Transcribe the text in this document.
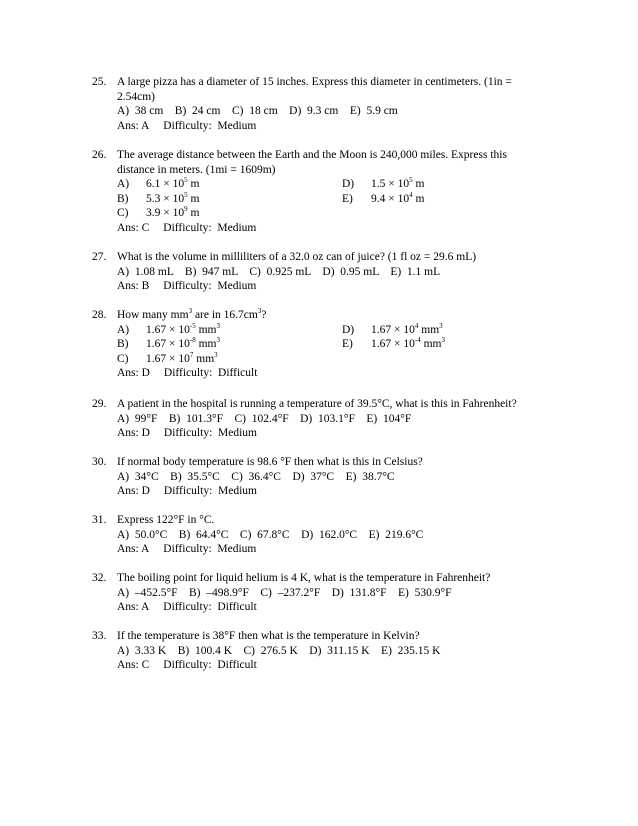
25. A large pizza has a diameter of 15 inches. Express this diameter in centimeters. (1in =
2.54cm)
A)  38 cm    B)  24 cm    C)  18 cm    D)  9.3 cm    E)  5.9 cm
Ans: A Difficulty: Medium
26. The average distance between the Earth and the Moon is 240,000 miles. Express this
distance in meters. (1mi = 1609m)
A) $6.1 \times 10^5$ m
B) $5.3 \times 10^5$ m
C) $3.9 \times 10^9$ m
D) $1.5 \times 10^5$ m
E) $9.4 \times 10^4$ m
Ans: C Difficulty: Medium
27. What is the volume in milliliters of a 32.0 oz can of juice? (1 fl oz = 29.6 mL)
A)  1.08 mL    B)  947 mL    C)  0.925 mL    D)  0.95 mL    E)  1.1 mL
Ans: B Difficulty: Medium
28. How many $mm^3$ are in $16.7cm^3$?
A) $1.67 \times 10^{-5}$ $mm^3$
B) $1.67 \times 10^{-8}$ $mm^3$
C) $1.67 \times 10^7$ $mm^3$
D) $1.67 \times 10^4$ $mm^3$
E) $1.67 \times 10^{-4}$ $mm^3$
Ans: D Difficulty: Difficult
29. A patient in the hospital is running a temperature of 39.5°C, what is this in Fahrenheit?
A)  99°F    B)  101.3°F    C)  102.4°F    D)  103.1°F    E)  104°F
Ans: D Difficulty: Medium
30. If normal body temperature is 98.6 °F then what is this in Celsius?
A)  34°C    B)  35.5°C    C)  36.4°C    D)  37°C    E)  38.7°C
Ans: D Difficulty: Medium
31. Express 122°F in °C.
A)  50.0°C    B)  64.4°C    C)  67.8°C    D)  162.0°C    E)  219.6°C
Ans: A Difficulty: Medium
32. The boiling point for liquid helium is 4 K, what is the temperature in Fahrenheit?
A)  –452.5°F    B)  –498.9°F    C)  –237.2°F    D)  131.8°F    E)  530.9°F
Ans: A Difficulty: Difficult
33. If the temperature is 38°F then what is the temperature in Kelvin?
A)  3.33 K    B)  100.4 K    C)  276.5 K    D)  311.15 K    E)  235.15 K
Ans: C Difficulty: Difficult
